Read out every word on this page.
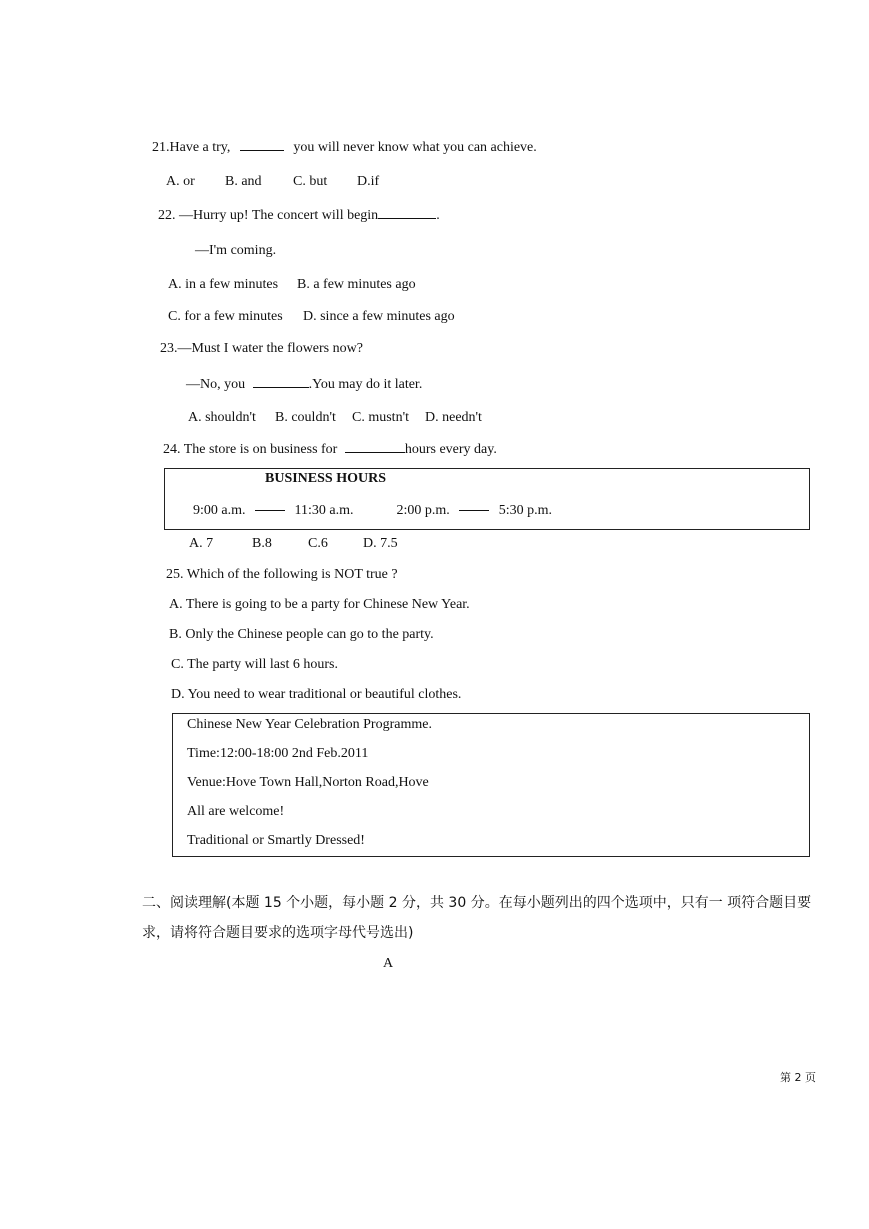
21.Have a try,	you will never know what you can achieve.
A. or B. and C. but D.if
22. —Hurry up! The concert will begin	.
—I'm coming.
A. in a few minutes B. a few minutes ago
C. for a few minutes D. since a few minutes ago
23.—Must I water the flowers now?
—No, you	.You may do it later.
A. shouldn't B. couldn't C. mustn't D. needn't
24. The store is on business for	hours every day.
BUSINESS HOURS
9:00 a.m.	11:30 a.m.	2:00 p.m.	5:30 p.m.
A. 7	B.8	C.6	D. 7.5
25. Which of the following is NOT true ?
A. There is going to be a party for Chinese New Year.
B. Only the Chinese people can go to the party.
C. The party will last 6 hours.
D. You need to wear traditional or beautiful clothes.
Chinese New Year Celebration Programme.
Time:12:00-18:00 2nd Feb.2011
Venue:Hove Town Hall,Norton Road,Hove
All are welcome!
Traditional or Smartly Dressed!
二、阅读理解(本题 15 个小题，每小题 2 分，共 30 分。在每小题列出的四个选项中，只有一 项符合题目要
求，请将符合题目要求的选项字母代号选出)
A
第 2 页
